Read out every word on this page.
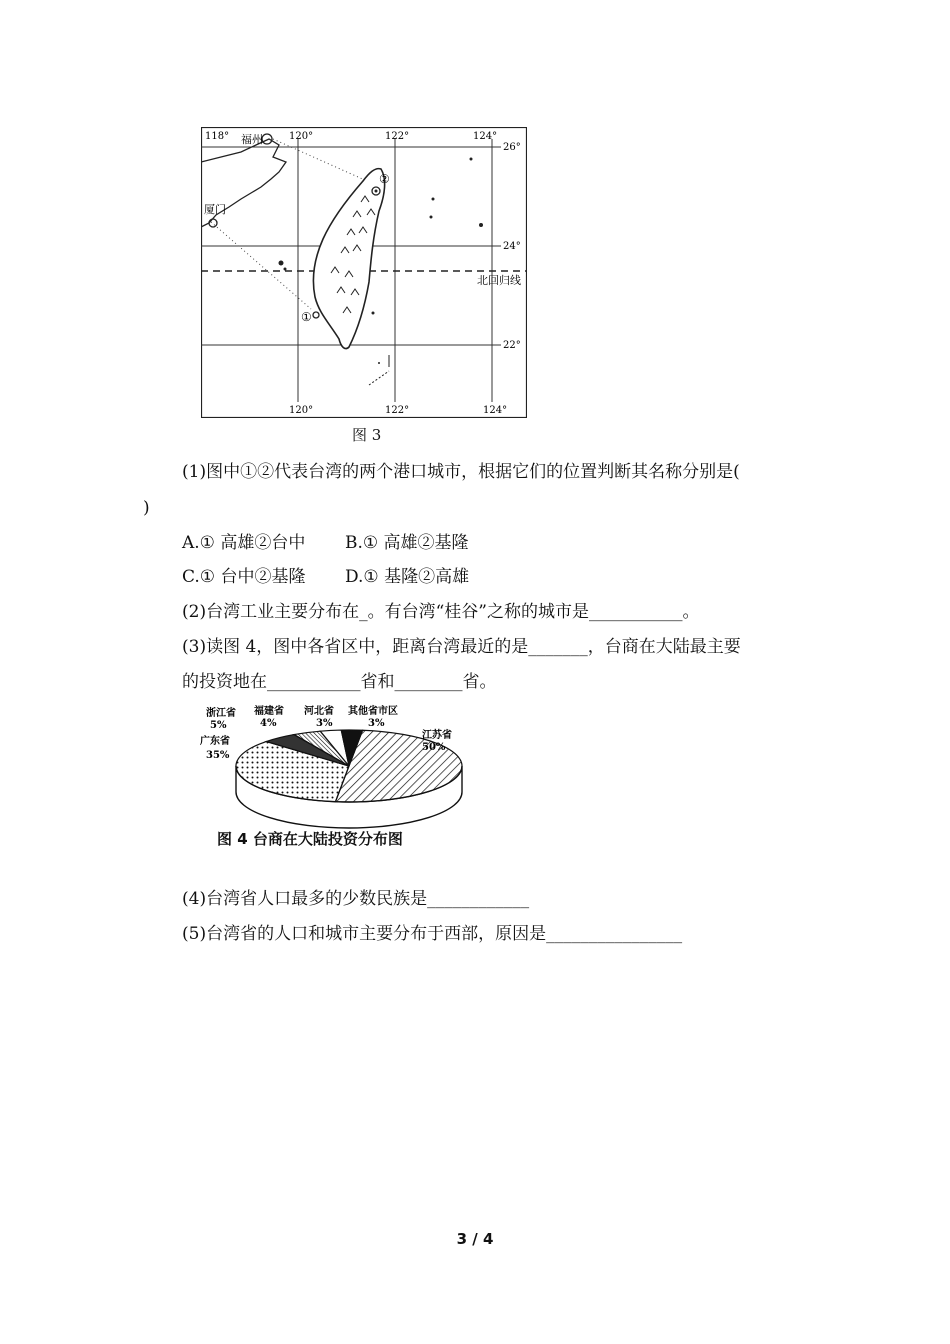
118°	120°	122°	124°
120°	122°	124°
26°
24°
22°
福州
厦门
北回归线
①
②
图 3
(1)图中①②代表台湾的两个港口城市，根据它们的位置判断其名称分别是(
)
A.① 高雄②台中 B.① 高雄②基隆
C.① 台中②基隆 D.① 基隆②高雄
(2)台湾工业主要分布在_。有台湾“桂谷”之称的城市是___________。
(3)读图 4，图中各省区中，距离台湾最近的是_______，台商在大陆最主要
的投资地在___________省和________省。
江苏省
50%
广东省
35%
浙江省
5%
福建省
4%
河北省
3%
其他省市区
3%
图 4 台商在大陆投资分布图
(4)台湾省人口最多的少数民族是____________
(5)台湾省的人口和城市主要分布于西部，原因是________________
3 / 4
